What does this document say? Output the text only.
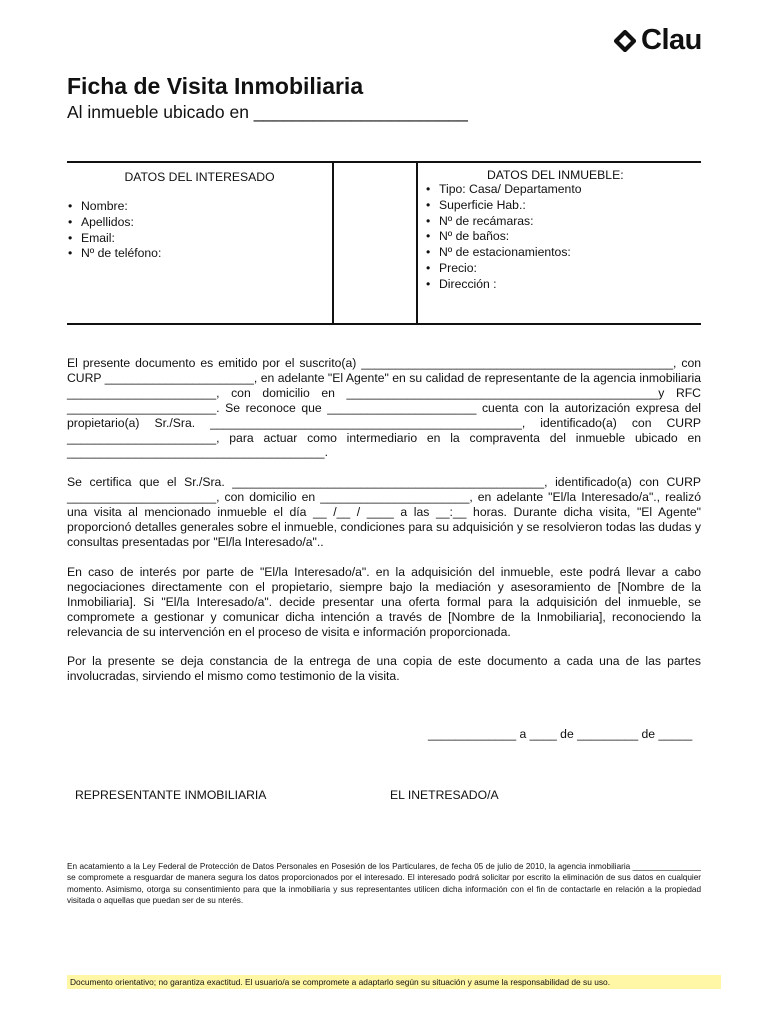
Clau
Ficha de Visita Inmobiliaria
Al inmueble ubicado en ______________________
DATOS DEL INTERESADO
• Nombre:
• Apellidos:
• Email:
• Nº de teléfono:
DATOS DEL INMUEBLE:
• Tipo: Casa/ Departamento
• Superficie Hab.:
• Nº de recámaras:
• Nº de baños:
• Nº de estacionamientos:
• Precio:
• Dirección :

El presente documento es emitido por el suscrito(a) ______________________________________________, con CURP ______________________, en adelante "El Agente" en su calidad de representante de la agencia inmobiliaria ______________________, con domicilio en ______________________________________________y RFC ______________________. Se reconoce que ______________________ cuenta con la autorización expresa del propietario(a) Sr./Sra. ______________________________________________, identificado(a) con CURP ______________________, para actuar como intermediario en la compraventa del inmueble ubicado en ______________________________________.

Se certifica que el Sr./Sra. ______________________________________________, identificado(a) con CURP ______________________, con domicilio en ______________________, en adelante "El/la Interesado/a"., realizó una visita al mencionado inmueble el día __ /__ / ____ a las __:__ horas. Durante dicha visita, "El Agente" proporcionó detalles generales sobre el inmueble, condiciones para su adquisición y se resolvieron todas las dudas y consultas presentadas por "El/la Interesado/a"..

En caso de interés por parte de "El/la Interesado/a". en la adquisición del inmueble, este podrá llevar a cabo negociaciones directamente con el propietario, siempre bajo la mediación y asesoramiento de [Nombre de la Inmobiliaria]. Si "El/la Interesado/a". decide presentar una oferta formal para la adquisición del inmueble, se compromete a gestionar y comunicar dicha intención a través de [Nombre de la Inmobiliaria], reconociendo la relevancia de su intervención en el proceso de visita e información proporcionada.

Por la presente se deja constancia de la entrega de una copia de este documento a cada una de las partes involucradas, sirviendo el mismo como testimonio de la visita.

_____________ a ____ de _________ de _____
REPRESENTANTE INMOBILIARIA	EL INETRESADO/A

En acatamiento a la Ley Federal de Protección de Datos Personales en Posesión de los Particulares, de fecha 05 de julio de 2010, la agencia inmobiliaria _______________ se compromete a resguardar de manera segura los datos proporcionados por el interesado. El interesado podrá solicitar por escrito la eliminación de sus datos en cualquier momento. Asimismo, otorga su consentimiento para que la inmobiliaria y sus representantes utilicen dicha información con el fin de contactarle en relación a la propiedad visitada o aquellas que puedan ser de su nterés.

Documento orientativo; no garantiza exactitud. El usuario/a se compromete a adaptarlo según su situación y asume la responsabilidad de su uso.
